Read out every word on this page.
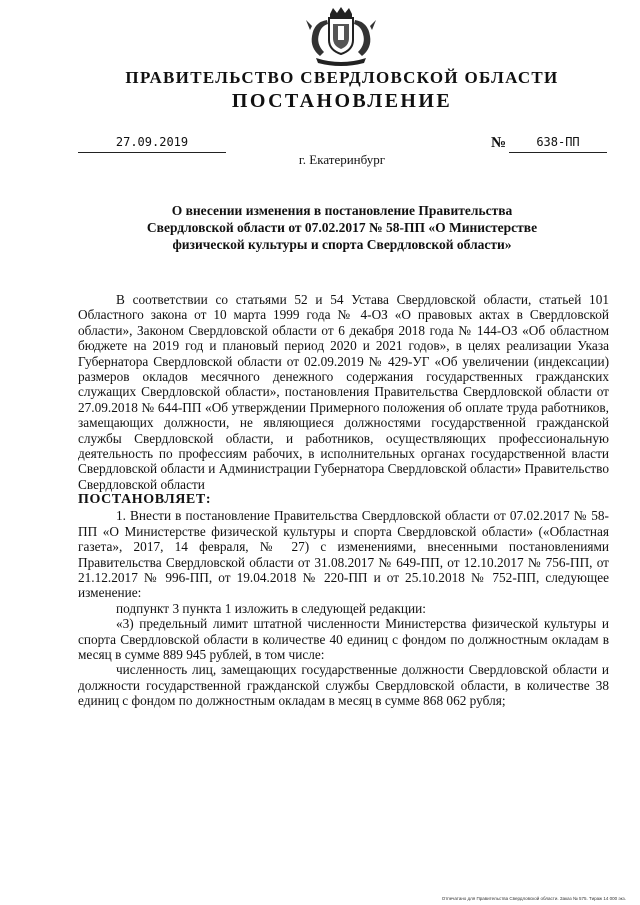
ПРАВИТЕЛЬСТВО СВЕРДЛОВСКОЙ ОБЛАСТИ
ПОСТАНОВЛЕНИЕ
27.09.2019	№	638-ПП
г. Екатеринбург
О внесении изменения в постановление Правительства
Свердловской области от 07.02.2017 № 58-ПП «О Министерстве
физической культуры и спорта Свердловской области»

В соответствии со статьями 52 и 54 Устава Свердловской области, статьей 101 Областного закона от 10 марта 1999 года № 4-ОЗ «О правовых актах в Свердловской области», Законом Свердловской области от 6 декабря 2018 года № 144-ОЗ «Об областном бюджете на 2019 год и плановый период 2020 и 2021 годов», в целях реализации Указа Губернатора Свердловской области от 02.09.2019 № 429-УГ «Об увеличении (индексации) размеров окладов месячного денежного содержания государственных гражданских служащих Свердловской области», постановления Правительства Свердловской области от 27.09.2018 № 644-ПП «Об утверждении Примерного положения об оплате труда работников, замещающих должности, не являющиеся должностями государственной гражданской службы Свердловской области, и работников, осуществляющих профессиональную деятельность по профессиям рабочих, в исполнительных органах государственной власти Свердловской области и Администрации Губернатора Свердловской области» Правительство Свердловской области

ПОСТАНОВЛЯЕТ:

1. Внести в постановление Правительства Свердловской области от 07.02.2017 № 58-ПП «О Министерстве физической культуры и спорта Свердловской области» («Областная газета», 2017, 14 февраля, № 27) с изменениями, внесенными постановлениями Правительства Свердловской области от 31.08.2017 № 649-ПП, от 12.10.2017 № 756-ПП, от 21.12.2017 № 996-ПП, от 19.04.2018 № 220-ПП и от 25.10.2018 № 752-ПП, следующее изменение:

подпункт 3 пункта 1 изложить в следующей редакции:

«3) предельный лимит штатной численности Министерства физической культуры и спорта Свердловской области в количестве 40 единиц с фондом по должностным окладам в месяц в сумме 889 945 рублей, в том числе:

численность лиц, замещающих государственные должности Свердловской области и должности государственной гражданской службы Свердловской области, в количестве 38 единиц с фондом по должностным окладам в месяц в сумме 868 062 рубля;

Отпечатано для Правительства Свердловской области. Заказ № 575. Тираж 14 000 экз.
